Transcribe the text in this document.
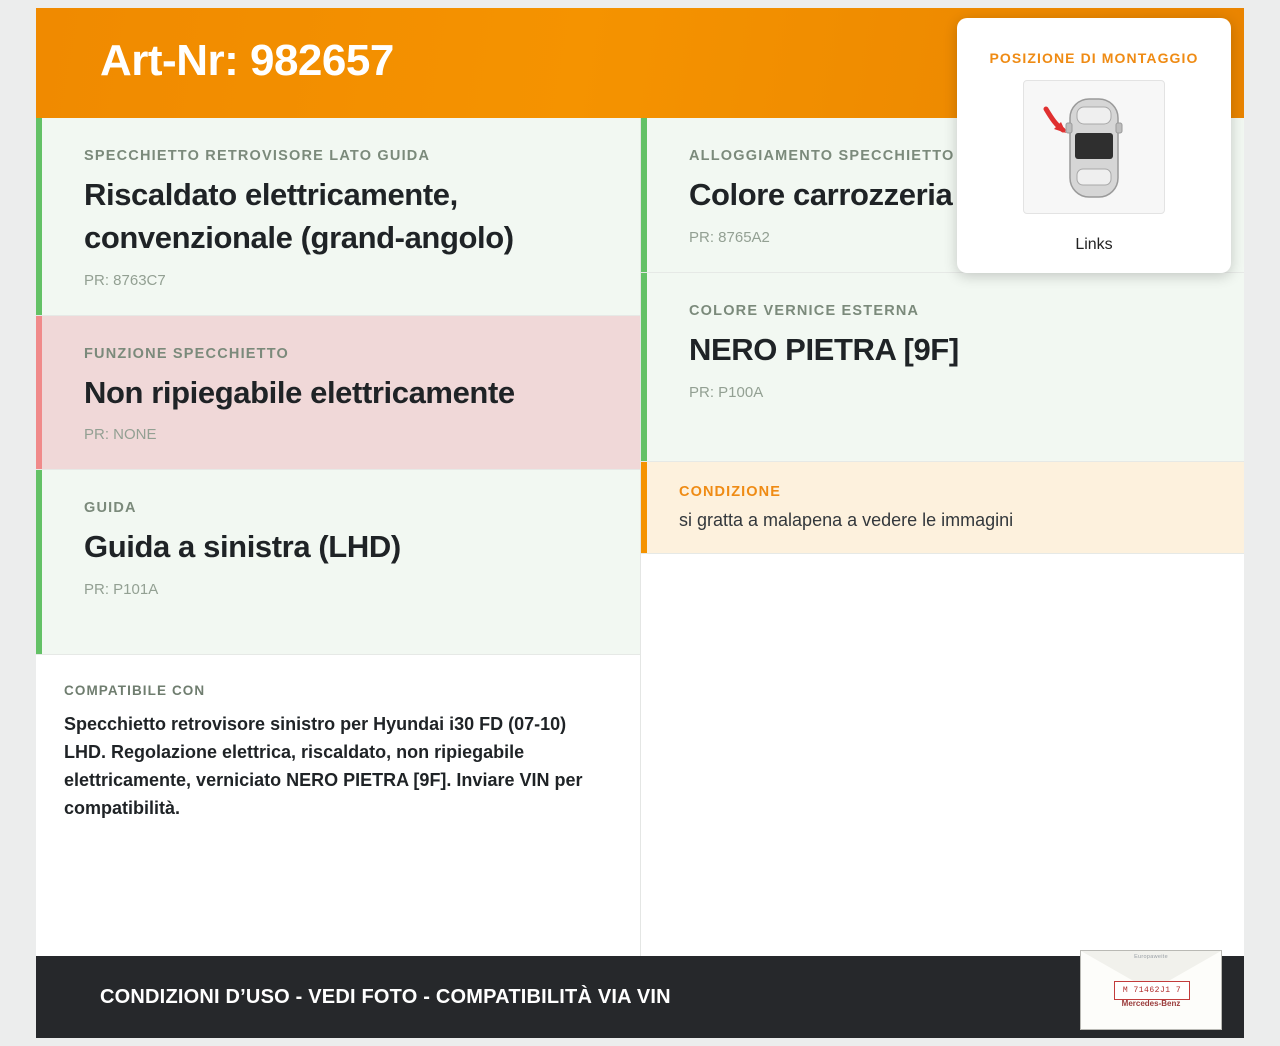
Art-Nr: 982657

SPECCHIETTO RETROVISORE LATO GUIDA

Riscaldato elettricamente, convenzionale (grand-angolo)

PR: 8763C7

FUNZIONE SPECCHIETTO

Non ripiegabile elettricamente

PR: NONE

GUIDA

Guida a sinistra (LHD)

PR: P101A

COMPATIBILE CON

Specchietto retrovisore sinistro per Hyundai i30 FD (07-10) LHD. Regolazione elettrica, riscaldato, non ripiegabile elettricamente, verniciato NERO PIETRA [9F]. Inviare VIN per compatibilità.

ALLOGGIAMENTO SPECCHIETTO

Colore carrozzeria

PR: 8765A2

COLORE VERNICE ESTERNA

NERO PIETRA [9F]

PR: P100A

CONDIZIONE

si gratta a malapena a vedere le immagini

POSIZIONE DI MONTAGGIO
Links
CONDIZIONI D’USO - VEDI FOTO - COMPATIBILITÀ VIA VIN
Europaweite
M 71462J1 7
Mercedes-Benz
